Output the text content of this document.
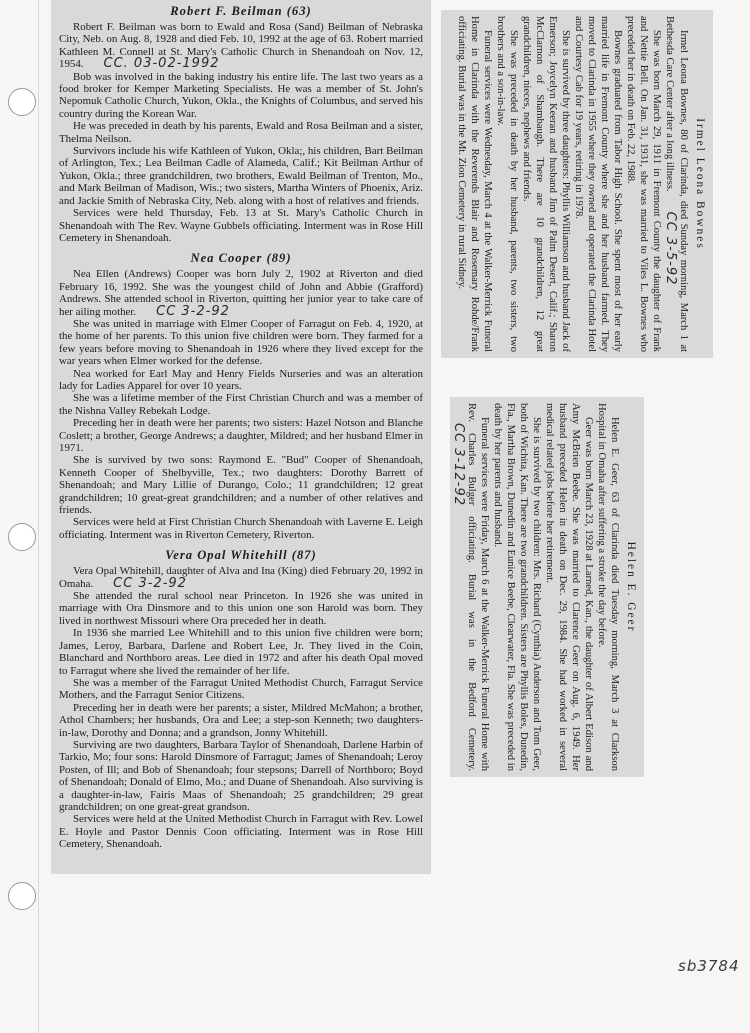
Robert F. Beilman (63)

Robert F. Beilman was born to Ewald and Rosa (Sand) Beilman of Nebraska City, Neb. on Aug. 8, 1928 and died Feb. 10, 1992 at the age of 63. Robert married Kathleen M. Connell at St. Mary's Catholic Church in Shenandoah on Nov. 12, 1954. CC. 03-02-1992

Bob was involved in the baking industry his entire life. The last two years as a food broker for Kemper Marketing Specialists. He was a member of St. John's Nepomuk Catholic Church, Yukon, Okla., the Knights of Columbus, and served his country during the Korean War.

He was preceded in death by his parents, Ewald and Rosa Beilman and a sister, Thelma Neilson.

Survivors include his wife Kathleen of Yukon, Okla;, his children, Bart Beilman of Arlington, Tex.; Lea Beilman Cadle of Alameda, Calif.; Kit Beilman Arthur of Yukon, Okla.; three grandchildren, two brothers, Ewald Beilman of Trenton, Mo., and Mark Beilman of Madison, Wis.; two sisters, Martha Winters of Phoenix, Ariz. and Jackie Smith of Nebraska City, Neb. along with a host of relatives and friends.

Services were held Thursday, Feb. 13 at St. Mary's Catholic Church in Shenandoah with The Rev. Wayne Gubbels officiating. Interment was in Rose Hill Cemetery in Shenandoah.

Nea Cooper (89)

Nea Ellen (Andrews) Cooper was born July 2, 1902 at Riverton and died February 16, 1992. She was the youngest child of John and Abbie (Grafford) Andrews. She attended school in Riverton, quitting her junior year to take care of her ailing mother. CC 3-2-92

She was united in marriage with Elmer Cooper of Farragut on Feb. 4, 1920, at the home of her parents. To this union five children were born. They farmed for a few years before moving to Shenandoah in 1926 where they lived except for the war years when Elmer worked for the defense.

Nea worked for Earl May and Henry Fields Nurseries and was an alteration lady for Ladies Apparel for over 10 years.

She was a lifetime member of the First Christian Church and was a member of the Nishna Valley Rebekah Lodge.

Preceding her in death were her parents; two sisters: Hazel Notson and Blanche Coslett; a brother, George Andrews; a daughter, Mildred; and her husband Elmer in 1971.

She is survived by two sons: Raymond E. "Bud" Cooper of Shenandoah, Kenneth Cooper of Shelbyville, Tex.; two daughters: Dorothy Barrett of Shenandoah; and Mary Lillie of Durango, Colo.; 11 grandchildren; 12 great grandchildren; 10 great-great grandchildren; and a number of other relatives and friends.

Services were held at First Christian Church Shenandoah with Laverne E. Leigh officiating. Interment was in Riverton Cemetery, Riverton.

Vera Opal Whitehill (87)

Vera Opal Whitehill, daughter of Alva and Ina (King) died February 20, 1992 in Omaha. CC 3-2-92

She attended the rural school near Princeton. In 1926 she was united in marriage with Ora Dinsmore and to this union one son Harold was born. They lived in northwest Missouri where Ora preceded her in death.

In 1936 she married Lee Whitehill and to this union five children were born; James, Leroy, Barbara, Darlene and Robert Lee, Jr. They lived in the Coin, Blanchard and Northboro areas. Lee died in 1972 and after his death Opal moved to Farragut where she lived the remainder of her life.

She was a member of the Farragut United Methodist Church, Farragut Service Mothers, and the Farragut Senior Citizens.

Preceding her in death were her parents; a sister, Mildred McMahon; a brother, Athol Chambers; her husbands, Ora and Lee; a step-son Kenneth; two daughters-in-law, Dorothy and Donna; and a grandson, Jonny Whitehill.

Surviving are two daughters, Barbara Taylor of Shenandoah, Darlene Harbin of Tarkio, Mo; four sons: Harold Dinsmore of Farragut; James of Shenandoah; Leroy Posten, of Ill; and Bob of Shenandoah; four stepsons; Darrell of Northboro; Boyd of Shenandoah; Donald of Elmo, Mo.; and Duane of Shenandoah. Also surviving is a daughter-in-law, Fairis Maas of Shenandoah; 25 grandchildren; 29 great grandchildren; on one great-great grandson.

Services were held at the United Methodist Church in Farragut with Rev. Lowel E. Hoyle and Pastor Dennis Coon officiating. Interment was in Rose Hill Cemetery, Shenandoah.

Irmel Leona Bownes

Irmel Leona Bownes, 80 of Clarinda, died Sunday morning, March 1 at Bethesda Care Center after a long illness.CC 3-5-92

She was born March 29, 1911 in Fremont County the daughter of Frank and Nettie Bell. On Jan. 31, 1931, she was married to Viles L. Bownes who preceded her in death on Feb. 22, 1988.

Bownes graduated from Tabor High School. She spent most of her early married life in Fremont County where she and her husband farmed. They moved to Clarinda in 1955 where they owned and operated the Clarinda Hotel and Courtesy Cab for 19 years, retiring in 1978.

She is survived by three daughters: Phyllis Williamson and husband Jack of Emerson; Joycelyn Keeran and husband Jim of Palm Desert, Calif.; Sharon McClarnon of Shambaugh. There are 10 grandchildren, 12 great grandchildren, nieces, nephews and friends.

She was preceded in death by her husband, parents, two sisters, two brothers and a son-in-law.

Funeral services were Wednesday, March 4 at the Walker-Merrick Funeral Home in Clarinda with the Reverends Blair and Rosemary Rohde/Frank officiating. Burial was in the Mt. Zion Cemetery in rural Sidney.

Helen E. Geer

Helen E. Geer, 63 of Clarinda died Tuesday morning, March 3 at Clarkson Hospital in Omaha after suffering a stroke the day before.

Geer was born March 23, 1928 at Larned, Kan., the daughter of Albert Edison and Amy McBrien Beebe. She was married to Clarence Geer on Aug. 6, 1949. Her husband preceded Helen in death on Dec. 29, 1984. She had worked in several medical related jobs before her retirement.

She is survived by two children: Mrs. Richard (Cynthia) Anderson and Tom Geer, both of Wichita, Kan. There are two grandchildren. Sisters are Phyllis Boles, Dunedin, Fla., Martha Brown, Dunedin and Eunice Beebe, Clearwater, Fla. She was preceded in death by her parents and husband.

Funeral services were Friday, March 6 at the Walker-Merrick Funeral Home with Rev. Charles Bulger officiating. Burial was in the Bedford Cemetery.CC 3-12-92

sb3784
